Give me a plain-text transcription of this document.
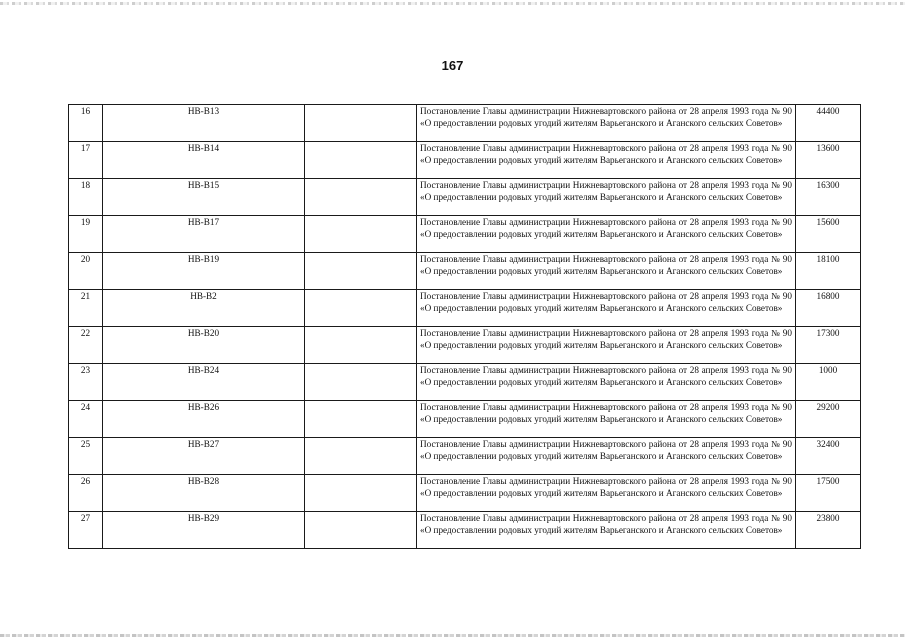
167
16	НВ-В13		Постановление Главы администрации Нижневартовского района от 28 апреля 1993 года № 90 «О предоставлении родовых угодий жителям Варьеганского и Аганского сельских Советов»	44400
17	НВ-В14		Постановление Главы администрации Нижневартовского района от 28 апреля 1993 года № 90 «О предоставлении родовых угодий жителям Варьеганского и Аганского сельских Советов»	13600
18	НВ-В15		Постановление Главы администрации Нижневартовского района от 28 апреля 1993 года № 90 «О предоставлении родовых угодий жителям Варьеганского и Аганского сельских Советов»	16300
19	НВ-В17		Постановление Главы администрации Нижневартовского района от 28 апреля 1993 года № 90 «О предоставлении родовых угодий жителям Варьеганского и Аганского сельских Советов»	15600
20	НВ-В19		Постановление Главы администрации Нижневартовского района от 28 апреля 1993 года № 90 «О предоставлении родовых угодий жителям Варьеганского и Аганского сельских Советов»	18100
21	НВ-В2		Постановление Главы администрации Нижневартовского района от 28 апреля 1993 года № 90 «О предоставлении родовых угодий жителям Варьеганского и Аганского сельских Советов»	16800
22	НВ-В20		Постановление Главы администрации Нижневартовского района от 28 апреля 1993 года № 90 «О предоставлении родовых угодий жителям Варьеганского и Аганского сельских Советов»	17300
23	НВ-В24		Постановление Главы администрации Нижневартовского района от 28 апреля 1993 года № 90 «О предоставлении родовых угодий жителям Варьеганского и Аганского сельских Советов»	1000
24	НВ-В26		Постановление Главы администрации Нижневартовского района от 28 апреля 1993 года № 90 «О предоставлении родовых угодий жителям Варьеганского и Аганского сельских Советов»	29200
25	НВ-В27		Постановление Главы администрации Нижневартовского района от 28 апреля 1993 года № 90 «О предоставлении родовых угодий жителям Варьеганского и Аганского сельских Советов»	32400
26	НВ-В28		Постановление Главы администрации Нижневартовского района от 28 апреля 1993 года № 90 «О предоставлении родовых угодий жителям Варьеганского и Аганского сельских Советов»	17500
27	НВ-В29		Постановление Главы администрации Нижневартовского района от 28 апреля 1993 года № 90 «О предоставлении родовых угодий жителям Варьеганского и Аганского сельских Советов»	23800
